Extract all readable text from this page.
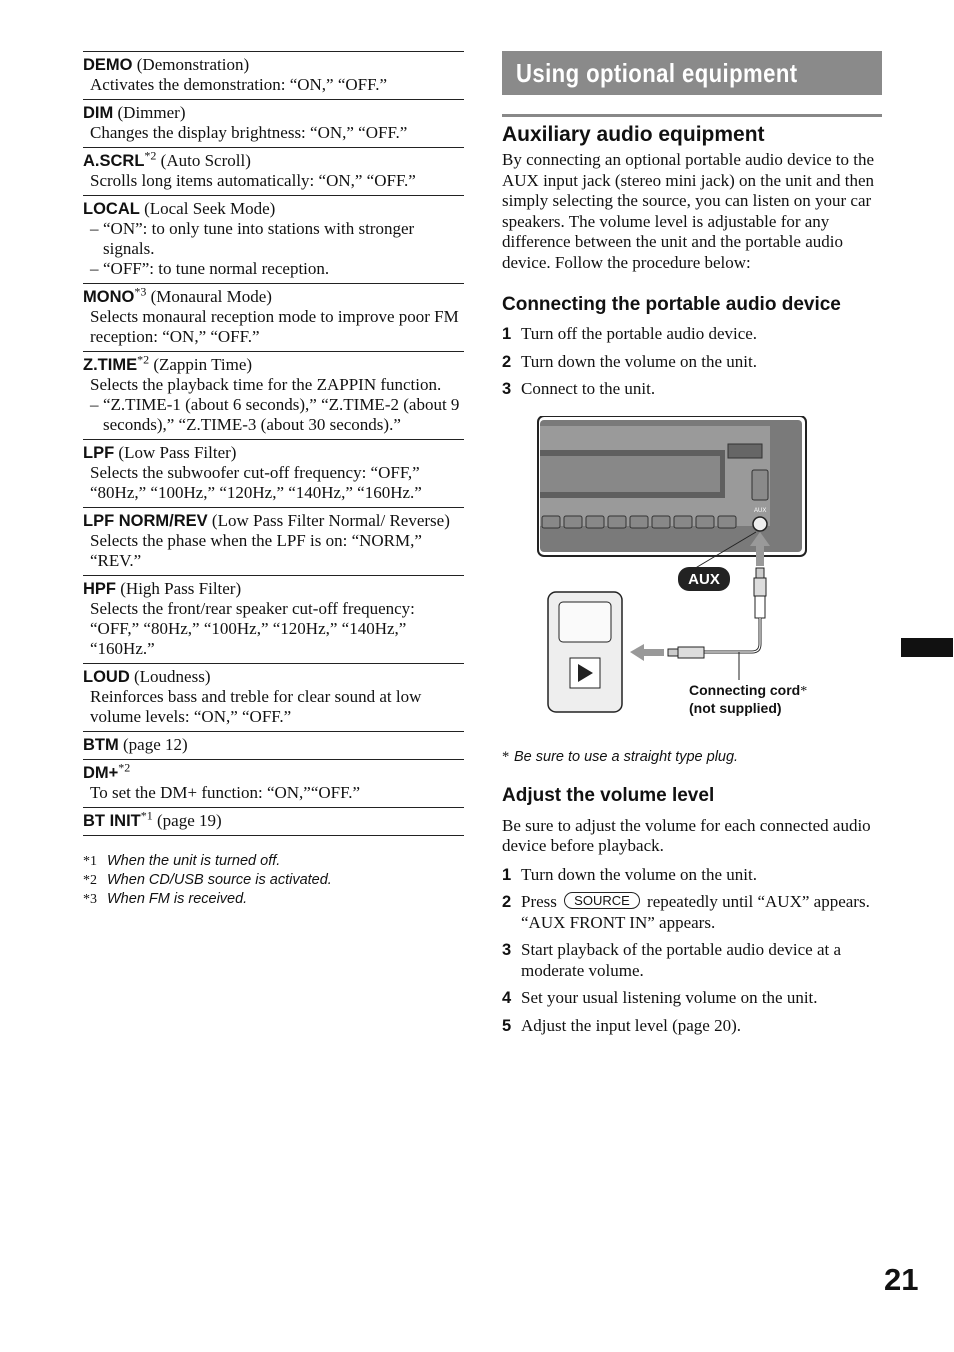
DEMO (Demonstration)
Activates the demonstration: “ON,” “OFF.”
DIM (Dimmer)
Changes the display brightness: “ON,” “OFF.”
A.SCRL$^{*2}$ (Auto Scroll)
Scrolls long items automatically: “ON,” “OFF.”
LOCAL (Local Seek Mode)
– “ON”: to only tune into stations with stronger signals.
– “OFF”: to tune normal reception.
MONO$^{*3}$ (Monaural Mode)
Selects monaural reception mode to improve poor FM reception: “ON,” “OFF.”
Z.TIME$^{*2}$ (Zappin Time)
Selects the playback time for the ZAPPIN function.
– “Z.TIME-1 (about 6 seconds),” “Z.TIME-2 (about 9 seconds),” “Z.TIME-3 (about 30 seconds).”
LPF (Low Pass Filter)
Selects the subwoofer cut-off frequency: “OFF,” “80Hz,” “100Hz,” “120Hz,” “140Hz,” “160Hz.”
LPF NORM/REV (Low Pass Filter Normal/ Reverse)
Selects the phase when the LPF is on: “NORM,” “REV.”
HPF (High Pass Filter)
Selects the front/rear speaker cut-off frequency: “OFF,” “80Hz,” “100Hz,” “120Hz,” “140Hz,” “160Hz.”
LOUD (Loudness)
Reinforces bass and treble for clear sound at low volume levels: “ON,” “OFF.”
BTM (page 12)
DM+$^{*2}$
To set the DM+ function: “ON,”“OFF.”
BT INIT$^{*1}$ (page 19)
*1 When the unit is turned off.
*2 When CD/USB source is activated.
*3 When FM is received.
Using optional equipment
Auxiliary audio equipment

By connecting an optional portable audio device to the AUX input jack (stereo mini jack) on the unit and then simply selecting the source, you can listen on your car speakers. The volume level is adjustable for any difference between the unit and the portable audio device. Follow the procedure below:

Connecting the portable audio device
1 Turn off the portable audio device.
2 Turn down the volume on the unit.
3 Connect to the unit.
AUX
AUX
Connecting cord*
(not supplied)
* Be sure to use a straight type plug.
Adjust the volume level

Be sure to adjust the volume for each connected audio device before playback.

1 Turn down the volume on the unit.
2 Press SOURCE repeatedly until “AUX” appears.
“AUX FRONT IN” appears.
3 Start playback of the portable audio device at a moderate volume.
4 Set your usual listening volume on the unit.
5 Adjust the input level (page 20).
21
